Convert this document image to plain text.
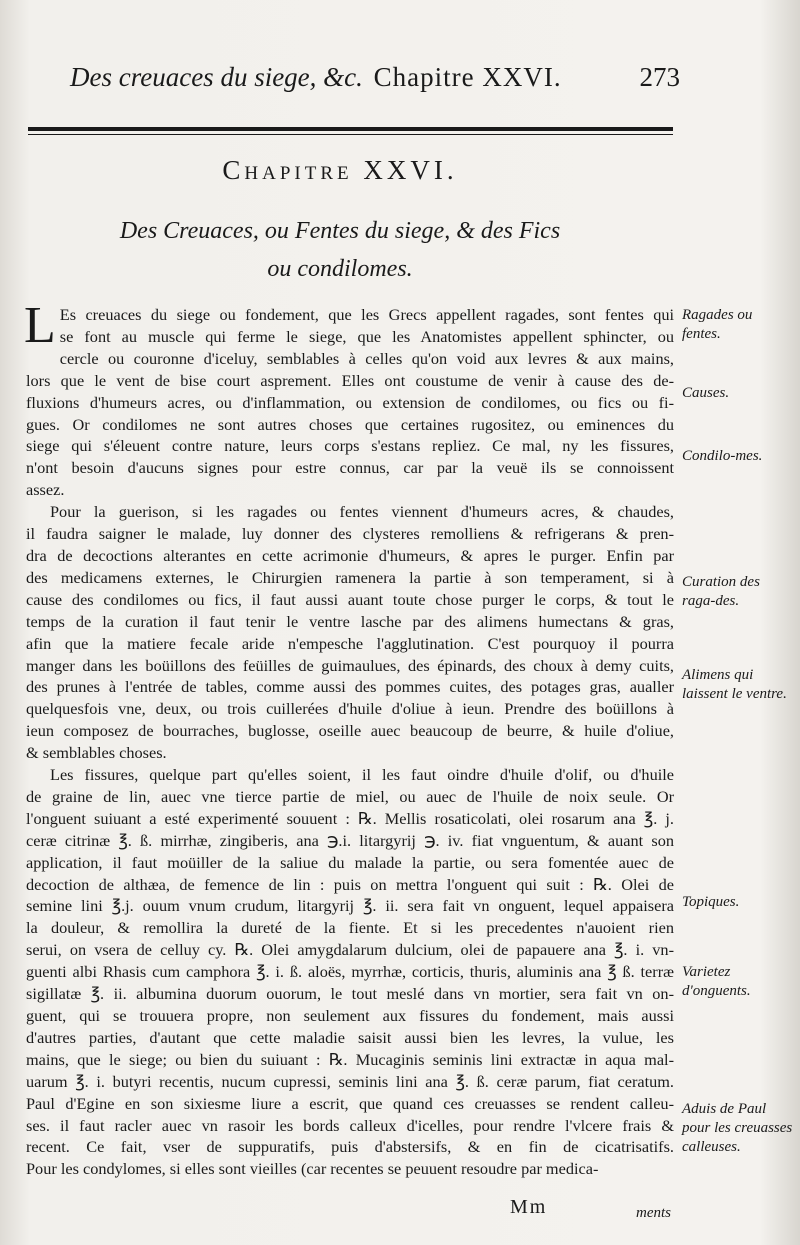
Des creuaces du siege, &c. Chapitre XXVI.	273
Chapitre XXVI.
Des Creuaces, ou Fentes du siege, & des Fics
ou condilomes.
L Es creuaces du siege ou fondement, que les Grecs appellent ragades, sont fentes qui
se font au muscle qui ferme le siege, que les Anatomistes appellent sphincter, ou
cercle ou couronne d'iceluy, semblables à celles qu'on void aux levres & aux mains,
lors que le vent de bise court asprement. Elles ont coustume de venir à cause des de-
fluxions d'humeurs acres, ou d'inflammation, ou extension de condilomes, ou fics ou fi-
gues. Or condilomes ne sont autres choses que certaines rugositez, ou eminences du
siege qui s'éleuent contre nature, leurs corps s'estans repliez. Ce mal, ny les fissures,
n'ont besoin d'aucuns signes pour estre connus, car par la veuë ils se connoissent
assez.
Pour la guerison, si les ragades ou fentes viennent d'humeurs acres, & chaudes,
il faudra saigner le malade, luy donner des clysteres remolliens & refrigerans & pren-
dra de decoctions alterantes en cette acrimonie d'humeurs, & apres le purger. Enfin par
des medicamens externes, le Chirurgien ramenera la partie à son temperament, si à
cause des condilomes ou fics, il faut aussi auant toute chose purger le corps, & tout le
temps de la curation il faut tenir le ventre lasche par des alimens humectans & gras,
afin que la matiere fecale aride n'empesche l'agglutination. C'est pourquoy il pourra
manger dans les boüillons des feüilles de guimaulues, des épinards, des choux à demy cuits,
des prunes à l'entrée de tables, comme aussi des pommes cuites, des potages gras, aualler
quelquesfois vne, deux, ou trois cuillerées d'huile d'oliue à ieun. Prendre des boüillons à
ieun composez de bourraches, buglosse, oseille auec beaucoup de beurre, & huile d'oliue,
& semblables choses.
Les fissures, quelque part qu'elles soient, il les faut oindre d'huile d'olif, ou d'huile
de graine de lin, auec vne tierce partie de miel, ou auec de l'huile de noix seule. Or
l'onguent suiuant a esté experimenté souuent : ℞. Mellis rosaticolati, olei rosarum ana ℥. j.
ceræ citrinæ ℥. ß. mirrhæ, zingiberis, ana ℈.i. litargyrij ℈. iv. fiat vnguentum, & auant son
application, il faut moüiller de la saliue du malade la partie, ou sera fomentée auec de
decoction de althæa, de femence de lin : puis on mettra l'onguent qui suit : ℞. Olei de
semine lini ℥.j. ouum vnum crudum, litargyrij ℥. ii. sera fait vn onguent, lequel appaisera
la douleur, & remollira la dureté de la fiente. Et si les precedentes n'auoient rien
serui, on vsera de celluy cy. ℞. Olei amygdalarum dulcium, olei de papauere ana ℥. i. vn-
guenti albi Rhasis cum camphora ℥. i. ß. aloës, myrrhæ, corticis, thuris, aluminis ana ℥ ß. terræ
sigillatæ ℥. ii. albumina duorum ouorum, le tout meslé dans vn mortier, sera fait vn on-
guent, qui se trouuera propre, non seulement aux fissures du fondement, mais aussi
d'autres parties, d'autant que cette maladie saisit aussi bien les levres, la vulue, les
mains, que le siege; ou bien du suiuant : ℞. Mucaginis seminis lini extractæ in aqua mal-
uarum ℥. i. butyri recentis, nucum cupressi, seminis lini ana ℥. ß. ceræ parum, fiat ceratum.
Paul d'Egine en son sixiesme liure a escrit, que quand ces creuasses se rendent calleu-
ses. il faut racler auec vn rasoir les bords calleux d'icelles, pour rendre l'vlcere frais &
recent. Ce fait, vser de suppuratifs, puis d'abstersifs, & en fin de cicatrisatifs.
Pour les condylomes, si elles sont vieilles (car recentes se peuuent resoudre par medica-
Ragades ou fentes.
Causes.
Condilo-mes.
Curation des raga-des.
Alimens qui laissent le ventre.
Topiques.
Varietez d'onguents.
Aduis de Paul pour les creuasses calleuses.
Mm	ments
